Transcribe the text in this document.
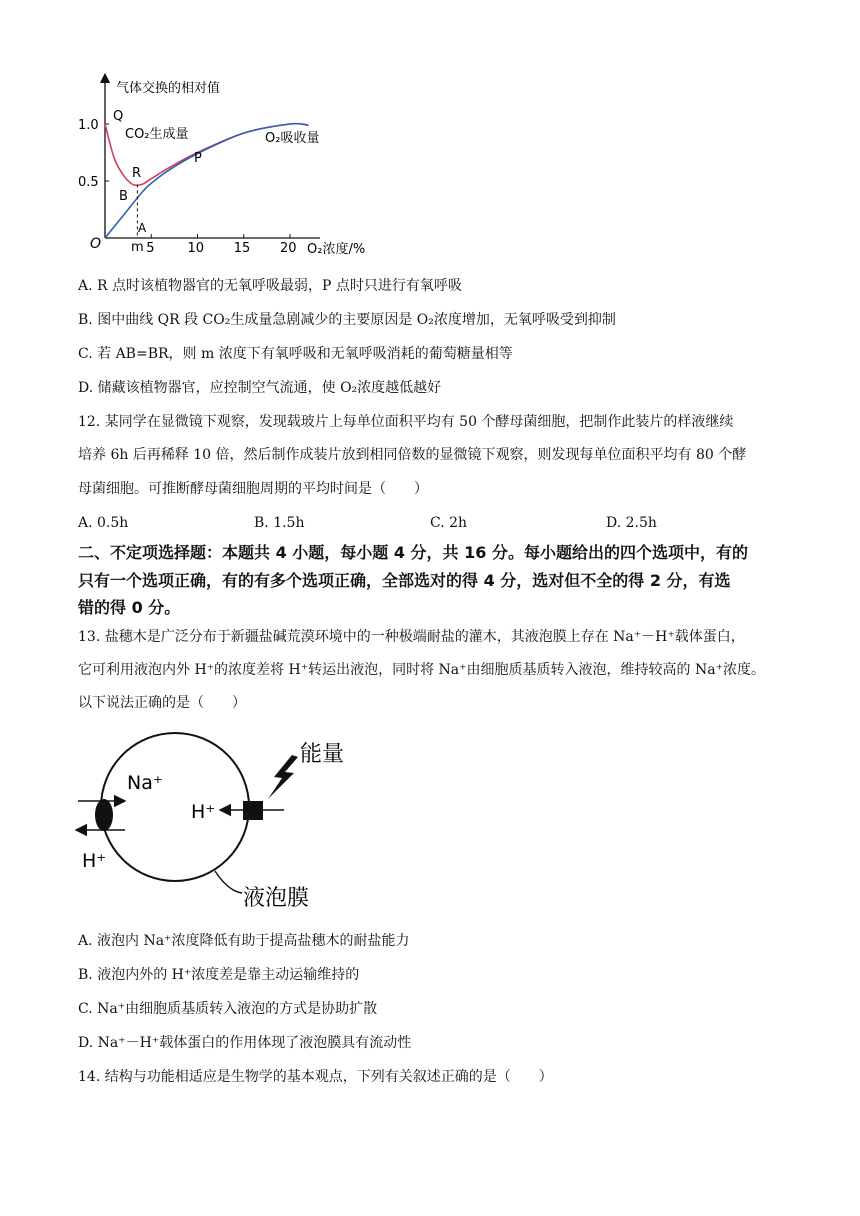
气体交换的相对值
O₂浓度/%
O	5	10 15 20
0.5
1.0
Q
R
B
A
P
m
CO₂生成量	O₂吸收量
A. R 点时该植物器官的无氧呼吸最弱，P 点时只进行有氧呼吸
B. 图中曲线 QR 段 CO₂生成量急剧减少的主要原因是 O₂浓度增加，无氧呼吸受到抑制
C. 若 AB=BR，则 m 浓度下有氧呼吸和无氧呼吸消耗的葡萄糖量相等
D. 储藏该植物器官，应控制空气流通，使 O₂浓度越低越好
12. 某同学在显微镜下观察，发现载玻片上每单位面积平均有 50 个酵母菌细胞，把制作此装片的样液继续
培养 6h 后再稀释 10 倍，然后制作成装片放到相同倍数的显微镜下观察，则发现每单位面积平均有 80 个酵
母菌细胞。可推断酵母菌细胞周期的平均时间是（　　）
A. 0.5h	B. 1.5h	C. 2h	D. 2.5h
二、不定项选择题：本题共 4 小题，每小题 4 分，共 16 分。每小题给出的四个选项中，有的
只有一个选项正确，有的有多个选项正确，全部选对的得 4 分，选对但不全的得 2 分，有选
错的得 0 分。
13. 盐穗木是广泛分布于新疆盐碱荒漠环境中的一种极端耐盐的灌木，其液泡膜上存在 Na⁺－H⁺载体蛋白，
它可利用液泡内外 H⁺的浓度差将 H⁺转运出液泡，同时将 Na⁺由细胞质基质转入液泡，维持较高的 Na⁺浓度。
以下说法正确的是（　　）
Na⁺
H⁺
H⁺
能量
液泡膜
A. 液泡内 Na⁺浓度降低有助于提高盐穗木的耐盐能力
B. 液泡内外的 H⁺浓度差是靠主动运输维持的
C. Na⁺由细胞质基质转入液泡的方式是协助扩散
D. Na⁺－H⁺载体蛋白的作用体现了液泡膜具有流动性
14. 结构与功能相适应是生物学的基本观点，下列有关叙述正确的是（　　）
